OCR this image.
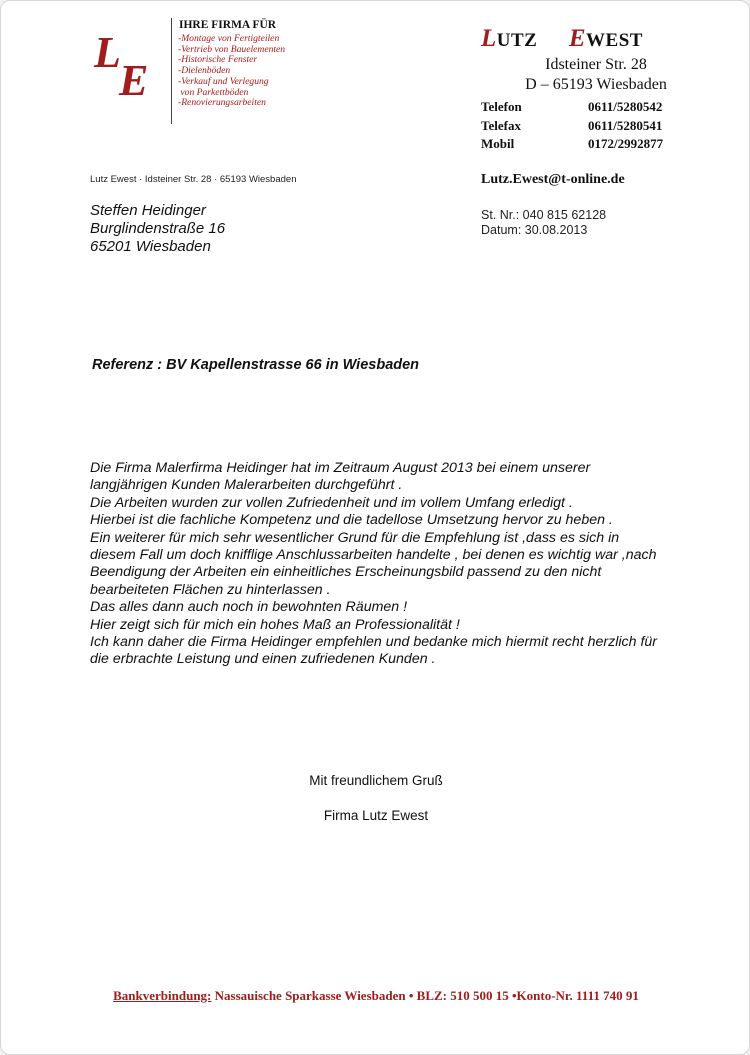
L
E
IHRE FIRMA FÜR
-Montage von Fertigteilen
-Vertrieb von Bauelementen
-Historische Fenster
-Dielenböden
-Verkauf und Verlegung
von Parkettböden
-Renovierungsarbeiten
LUTZ EWEST
Idsteiner Str. 28
D – 65193 Wiesbaden
Telefon	0611/5280542
Telefax	0611/5280541
Mobil	0172/2992877
Lutz.Ewest@t-online.de
St. Nr.: 040 815 62128
Datum: 30.08.2013
Lutz Ewest · Idsteiner Str. 28 · 65193 Wiesbaden
Steffen Heidinger
Burglindenstraße 16
65201 Wiesbaden
Referenz : BV Kapellenstrasse 66 in Wiesbaden
Die Firma Malerfirma Heidinger hat im Zeitraum August 2013 bei einem unserer
langjährigen Kunden Malerarbeiten durchgeführt .
Die Arbeiten wurden zur vollen Zufriedenheit und im vollem Umfang erledigt .
Hierbei ist die fachliche Kompetenz und die tadellose Umsetzung hervor zu heben .
Ein weiterer für mich sehr wesentlicher Grund für die Empfehlung ist ,dass es sich in
diesem Fall um doch knifflige Anschlussarbeiten handelte , bei denen es wichtig war ,nach
Beendigung der Arbeiten ein einheitliches Erscheinungsbild passend zu den nicht
bearbeiteten Flächen zu hinterlassen .
Das alles dann auch noch in bewohnten Räumen !
Hier zeigt sich für mich ein hohes Maß an Professionalität !
Ich kann daher die Firma Heidinger empfehlen und bedanke mich hiermit recht herzlich für
die erbrachte Leistung und einen zufriedenen Kunden .
Mit freundlichem Gruß
Firma Lutz Ewest
Bankverbindung: Nassauische Sparkasse Wiesbaden • BLZ: 510 500 15 •Konto-Nr. 1111 740 91
